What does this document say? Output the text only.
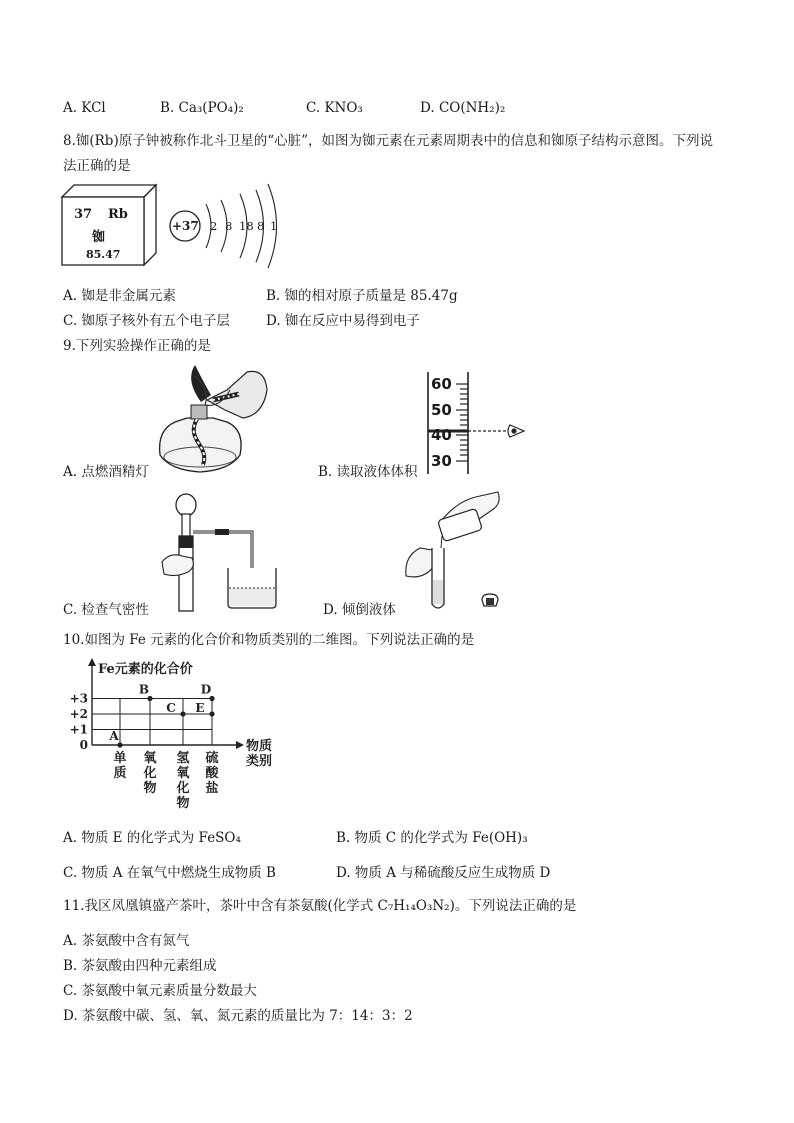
A. KCl	B. Ca₃(PO₄)₂	C. KNO₃	D. CO(NH₂)₂
8.铷(Rb)原子钟被称作北斗卫星的“心脏”，如图为铷元素在元素周期表中的信息和铷原子结构示意图。下列说
法正确的是
37 Rb
铷
85.47
+37 2 8 18 8 1
A. 铷是非金属元素	B. 铷的相对原子质量是 85.47g
C. 铷原子核外有五个电子层	D. 铷在反应中易得到电子
9.下列实验操作正确的是
A. 点燃酒精灯
60
50
40
30
B. 读取液体体积
C. 检查气密性	D. 倾倒液体
10.如图为 Fe 元素的化合价和物质类别的二维图。下列说法正确的是
Fe元素的化合价
物质
+3
+2
+1
0
单
质
氧
化
物
氢
氧
化
物
硫
酸
盐
A
B
C
D
E
类别
A. 物质 E 的化学式为 FeSO₄	B. 物质 C 的化学式为 Fe(OH)₃
C. 物质 A 在氧气中燃烧生成物质 B	D. 物质 A 与稀硫酸反应生成物质 D
11.我区凤凰镇盛产茶叶，茶叶中含有茶氨酸(化学式 C₇H₁₄O₃N₂)。下列说法正确的是
A. 茶氨酸中含有氮气
B. 茶氨酸由四种元素组成
C. 茶氨酸中氧元素质量分数最大
D. 茶氨酸中碳、氢、氧、氮元素的质量比为 7：14：3：2
